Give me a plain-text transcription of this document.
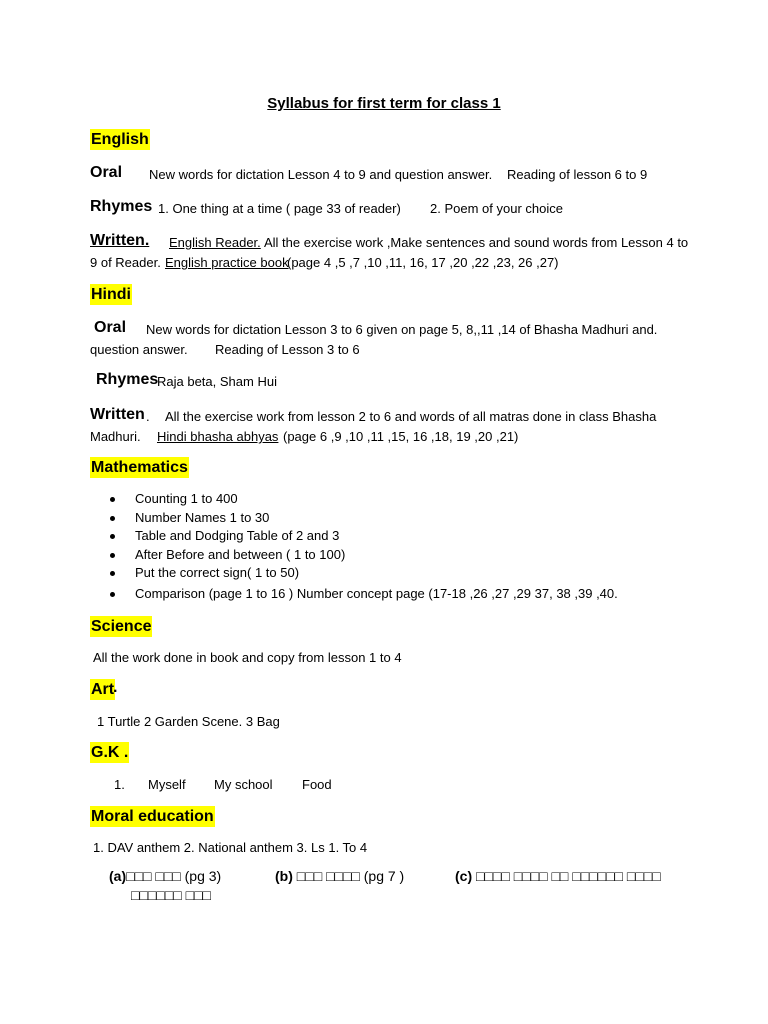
Syllabus for first term for class 1
English
Oral New words for dictation Lesson 4 to 9 and question answer. Reading of lesson 6 to 9
Rhymes 1. One thing at a time ( page 33 of reader) 2. Poem of your choice
Written. English Reader. All the exercise work ,Make sentences and sound words from Lesson 4 to
9 of Reader. English practice book
(page 4 ,5 ,7 ,10 ,11, 16, 17 ,20 ,22 ,23, 26 ,27)
Hindi
Oral New words for dictation Lesson 3 to 6 given on page 5, 8,,11 ,14 of Bhasha Madhuri and.
question answer. Reading of Lesson 3 to 6
Rhymes
Raja beta, Sham Hui
Written . All the exercise work from lesson 2 to 6 and words of all matras done in class Bhasha
Madhuri. Hindi bhasha abhyas (page 6 ,9 ,10 ,11 ,15, 16 ,18, 19 ,20 ,21)
Mathematics
Counting 1 to 400
Number Names 1 to 30
Table and Dodging Table of 2 and 3
After Before and between ( 1 to 100)
Put the correct sign( 1 to 50)
Comparison (page 1 to 16 ) Number concept page (17-18 ,26 ,27 ,29 37, 38 ,39 ,40.
Science
All the work done in book and copy from lesson 1 to 4
Art
.
1 Turtle 2 Garden Scene. 3 Bag
G.K .
1. Myself My school Food
Moral education
1. DAV anthem 2. National anthem 3. Ls 1. To 4
(a)□□□ □□□ (pg 3)	(b) □□□ □□□□ (pg 7 )	(c) □□□□ □□□□ □□ □□□□□□ □□□□
□□□□□□ □□□
